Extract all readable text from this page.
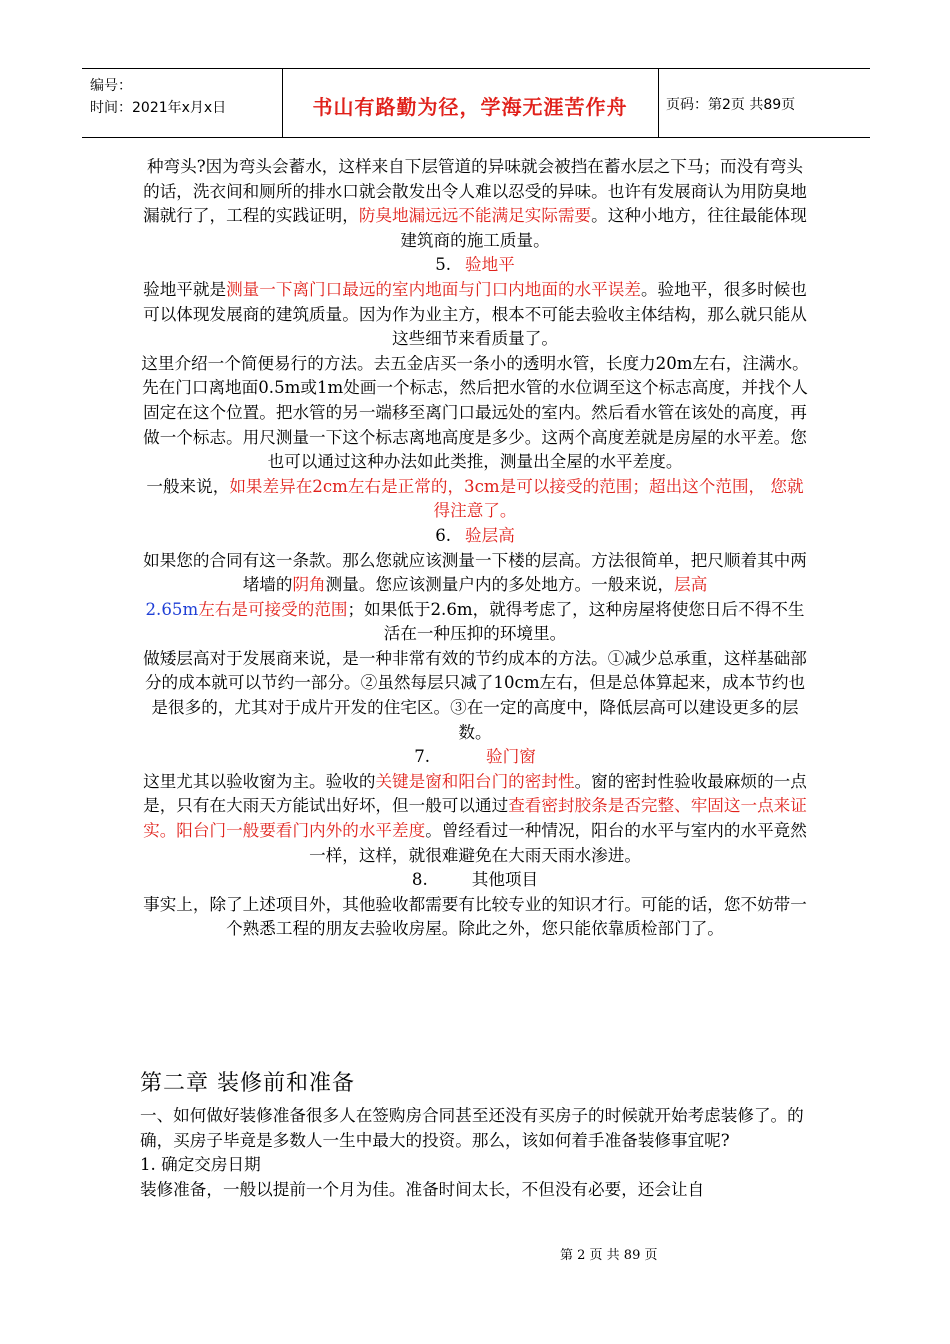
编号：
时间：2021年x月x日	书山有路勤为径，学海无涯苦作舟	页码：第2页 共89页

种弯头?因为弯头会蓄水，这样来自下层管道的异味就会被挡在蓄水层之下马；而没有弯头的话，洗衣间和厕所的排水口就会散发出令人难以忍受的异味。也许有发展商认为用防臭地漏就行了，工程的实践证明，防臭地漏远远不能满足实际需要。这种小地方，往往最能体现建筑商的施工质量。

5. 验地平

验地平就是测量一下离门口最远的室内地面与门口内地面的水平误差。验地平，很多时候也可以体现发展商的建筑质量。因为作为业主方，根本不可能去验收主体结构，那么就只能从这些细节来看质量了。

这里介绍一个简便易行的方法。去五金店买一条小的透明水管，长度力20m左右，注满水。先在门口离地面0.5m或1m处画一个标志，然后把水管的水位调至这个标志高度，并找个人固定在这个位置。把水管的另一端移至离门口最远处的室内。然后看水管在该处的高度，再做一个标志。用尺测量一下这个标志离地高度是多少。这两个高度差就是房屋的水平差。您也可以通过这种办法如此类推，测量出全屋的水平差度。

一般来说，如果差异在2cm左右是正常的，3cm是可以接受的范围；超出这个范围， 您就得注意了。

6. 验层高

如果您的合同有这一条款。那么您就应该测量一下楼的层高。方法很简单，把尺顺着其中两堵墙的阴角测量。您应该测量户内的多处地方。一般来说，层高
2.65m左右是可接受的范围；如果低于2.6m，就得考虑了，这种房屋将使您日后不得不生活在一种压抑的环境里。

做矮层高对于发展商来说，是一种非常有效的节约成本的方法。①减少总承重，这样基础部分的成本就可以节约一部分。②虽然每层只减了10cm左右，但是总体算起来，成本节约也是很多的，尤其对于成片开发的住宅区。③在一定的高度中，降低层高可以建设更多的层数。

7.	验门窗

这里尤其以验收窗为主。验收的关键是窗和阳台门的密封性。窗的密封性验收最麻烦的一点是，只有在大雨天方能试出好坏，但一般可以通过查看密封胶条是否完整、牢固这一点来证实。阳台门一般要看门内外的水平差度。曾经看过一种情况，阳台的水平与室内的水平竟然一样，这样，就很难避免在大雨天雨水渗进。

8.	其他项目

事实上，除了上述项目外，其他验收都需要有比较专业的知识才行。可能的话，您不妨带一个熟悉工程的朋友去验收房屋。除此之外，您只能依靠质检部门了。

第二章 装修前和准备

一、如何做好装修准备很多人在签购房合同甚至还没有买房子的时候就开始考虑装修了。的确，买房子毕竟是多数人一生中最大的投资。那么，该如何着手准备装修事宜呢?

1. 确定交房日期

装修准备，一般以提前一个月为佳。准备时间太长，不但没有必要，还会让自

第 2 页 共 89 页
